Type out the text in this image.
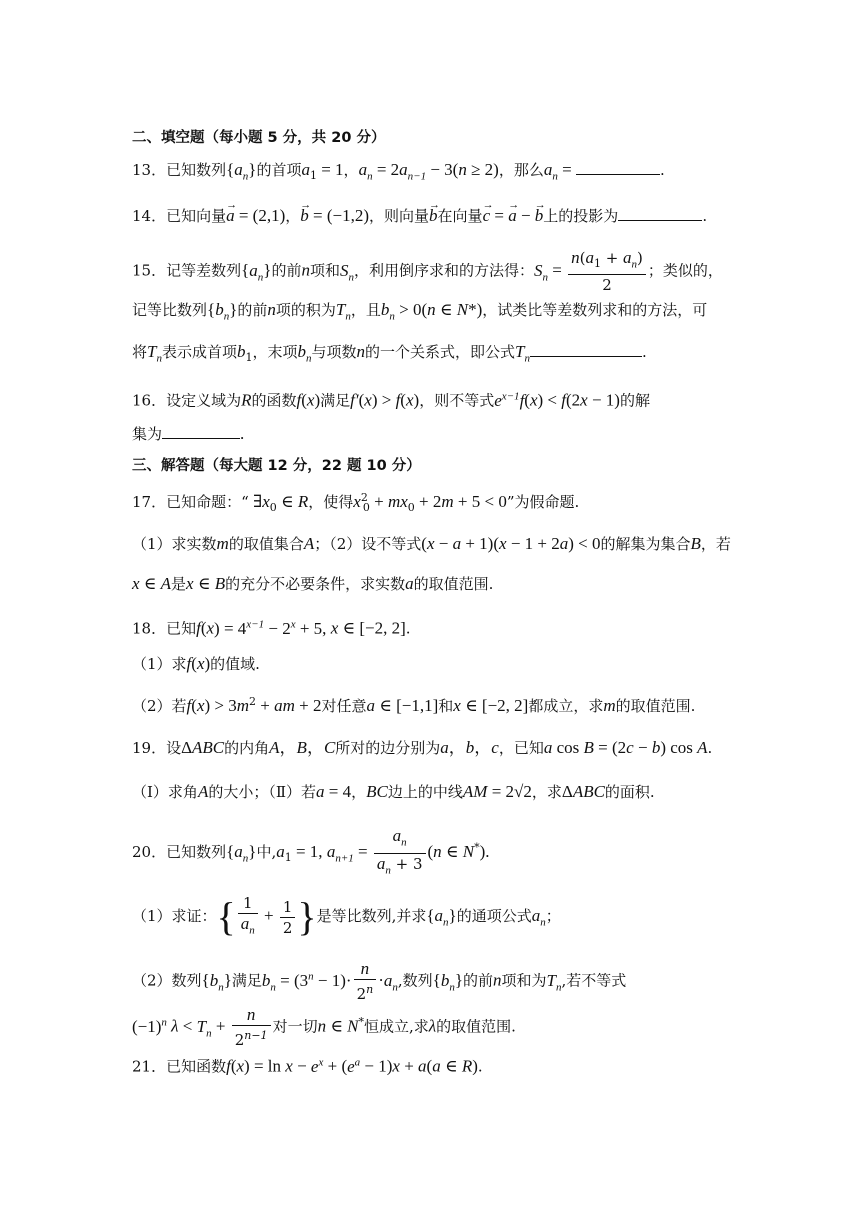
二、填空题（每小题 5 分，共 20 分）
13．已知数列$\{a_n\}$的首项$a_1 = 1$，$a_n = 2a_{n-1} - 3(n \ge 2)$，那么$a_n$ =	.
14．已知向量→ a = (2,1)，→ b = (−1,2)，则向量→ b在向量→ c = → a − → b上的投影为	.
15．记等差数列$\{a_n\}$的前n项和$S_n$，利用倒序求和的方法得：$S_n = \frac{n(a_1 + a_n)}{2}$ ；类似的，
记等比数列$\{b_n\}$的前n项的积为$T_n$，且$b_n > 0(n$ ∈ N*)，试类比等差数列求和的方法，可
将$T_n$表示成首项$b_1$，末项$b_n$与项数n的一个关系式，即公式$T_n$	.
16．设定义域为R的函数f(x)满足f′(x) > f(x)，则不等式$e^{x-1}f(x) < f(2x - 1)$的解
集为	.
三、解答题（每大题 12 分，22 题 10 分）
17．已知命题：“ $\exists x_0$ ∈ R，使得$x^2_0 + mx_0 + 2m + 5 < 0$”为假命题.
（1）求实数m的取值集合A；（2）设不等式(x − a + 1)(x − 1 + 2a) < 0的解集为集合B，若
x ∈ A是x ∈ B的充分不必要条件，求实数a的取值范围.
18．已知$f(x) = 4^{x-1} - 2^x + 5$, x ∈ [−2, 2].
（1）求f(x)的值域.
（2）若$f(x) > 3m^2$ + am + 2对任意a ∈ [−1,1]和x ∈ [−2, 2]都成立，求m的取值范围.
19．设ΔABC的内角A，B，C所对的边分别为a，b，c，已知a cos B = (2c − b) cos A.
（Ⅰ）求角A的大小；（Ⅱ）若a = 4，BC边上的中线AM = 2√2，求ΔABC的面积.
20．已知数列$\{a_n\}$中$,a_1 = 1$, $a_{n+1} = \frac{a_n}{a_n + 3} (n$ ∈ N*).
（1）求证：{ $\frac{1}{a_n} + \frac{1}{2}$ }是等比数列,并求$\{a_n\}$的通项公式$a_n$；
（2）数列$\{b_n\}$满足$b_n = (3^n - 1)\cdot \frac{n}{2^n} \cdot a_n$,数列$\{b_n\}$的前n项和为$T_n$,若不等式
$(-1)^n$ $\lambda < T_n + \frac{n}{2^{n-1}}$ 对一切n ∈ N*恒成立,求λ的取值范围.
21．已知函数$f(x) = \ln x - e^x + (e^a - 1)x + a(a$ ∈ R).
